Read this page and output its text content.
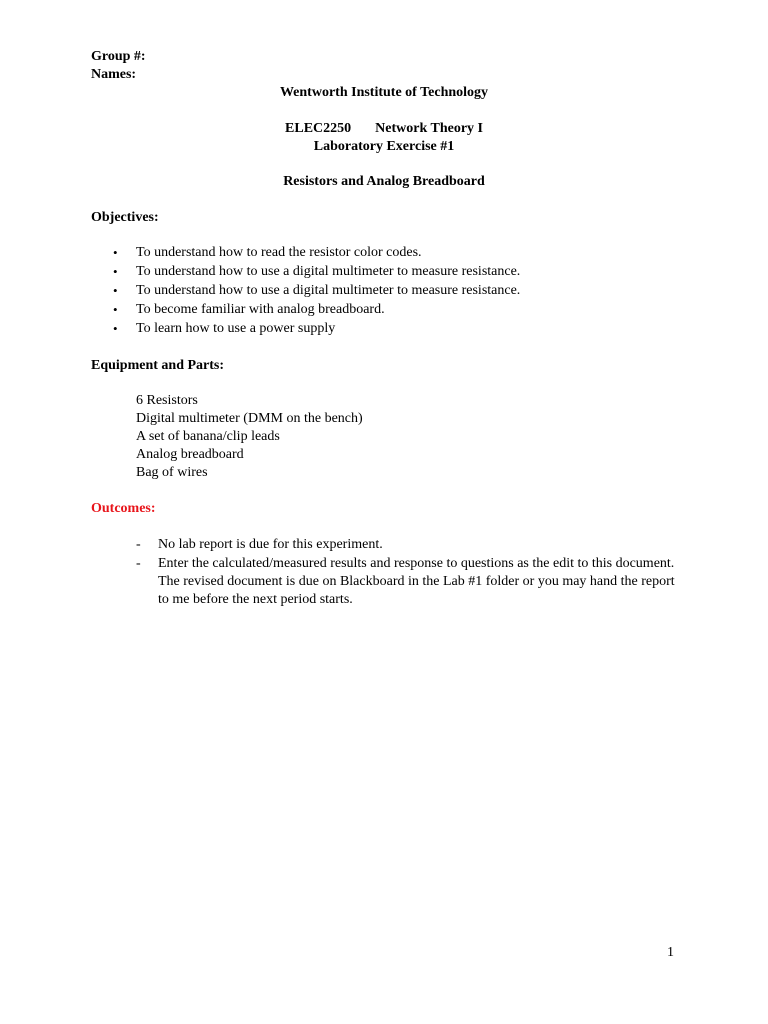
Group #:
Names:
Wentworth Institute of Technology
ELEC2250 Network Theory I
Laboratory Exercise #1
Resistors and Analog Breadboard
Objectives:
• To understand how to read the resistor color codes.
• To understand how to use a digital multimeter to measure resistance.
• To understand how to use a digital multimeter to measure resistance.
• To become familiar with analog breadboard.
• To learn how to use a power supply
Equipment and Parts:
6 Resistors
Digital multimeter (DMM on the bench)
A set of banana/clip leads
Analog breadboard
Bag of wires
Outcomes:
- No lab report is due for this experiment.
- Enter the calculated/measured results and response to questions as the edit to this document. The revised document is due on Blackboard in the Lab #1 folder or you may hand the report to me before the next period starts.
1
